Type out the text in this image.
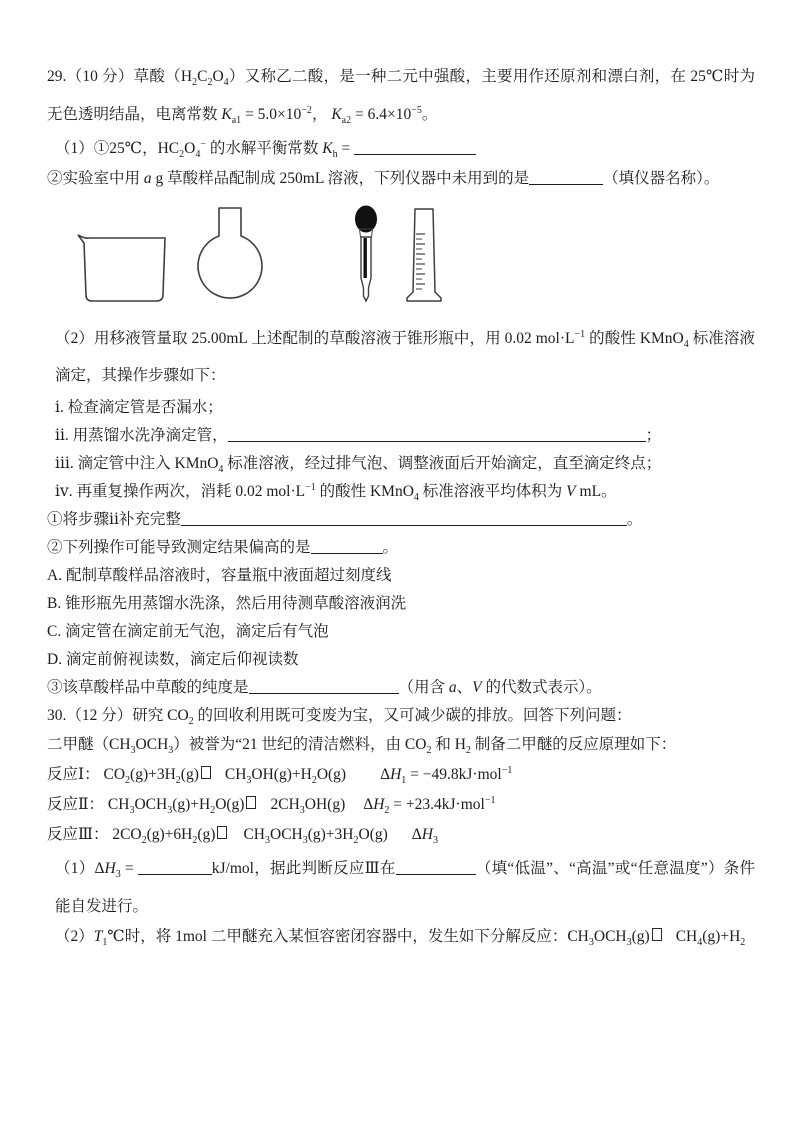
29.（10 分）草酸$(H_2C_2O_4)$又称乙二酸，是一种二元中强酸，主要用作还原剂和漂白剂，在 25℃时为无色透明结晶，电离常数 $K_{a1} = 5.0\times 10^{-2}$， $K_{a2} = 6.4\times 10^{-5}$。

（1）①25℃，$HC_2O_4^-$ 的水解平衡常数 $K_h$ =

②实验室中用 a g 草酸样品配制成 250mL 溶液，下列仪器中未用到的是	（填仪器名称）。

（2）用移液管量取 25.00mL 上述配制的草酸溶液于锥形瓶中，用 0.02 $mol\cdot L^{-1}$ 的酸性 KMnO$_4$ 标准溶液滴定，其操作步骤如下：

ⅰ. 检查滴定管是否漏水；

ⅱ. 用蒸馏水洗净滴定管，	；

ⅲ. 滴定管中注入 KMnO$_4$ 标准溶液，经过排气泡、调整液面后开始滴定，直至滴定终点；

ⅳ. 再重复操作两次，消耗 0.02 $mol\cdot L^{-1}$ 的酸性 KMnO$_4$ 标准溶液平均体积为 V mL。

①将步骤ⅱ补充完整	。

②下列操作可能导致测定结果偏高的是	。

A. 配制草酸样品溶液时，容量瓶中液面超过刻度线

B. 锥形瓶先用蒸馏水洗涤，然后用待测草酸溶液润洗

C. 滴定管在滴定前无气泡，滴定后有气泡

D. 滴定前俯视读数，滴定后仰视读数

③该草酸样品中草酸的纯度是	（用含 a、V 的代数式表示）。

30.（12 分）研究 $CO_2$ 的回收利用既可变废为宝，又可减少碳的排放。回答下列问题：

二甲醚$(CH_3OCH_3)$被誉为“21 世纪的清洁燃料，由 $CO_2$ 和 $H_2$ 制备二甲醚的反应原理如下：

反应Ⅰ： $CO_2(g)+3H_2(g)$ $CH_3OH(g)+H_2O(g) \Delta H_1 = -49.8kJ\cdot mol^{-1}$

反应Ⅱ： $CH_3OCH_3(g)+H_2O(g)$ $2CH_3OH(g) \Delta H_2 = +23.4kJ\cdot mol^{-1}$

反应Ⅲ： $2CO_2(g)+6H_2(g)$ $CH_3OCH_3(g)+3H_2O(g)$ $\Delta H_3$

$(1)\Delta H_3$ =	kJ/mol，据此判断反应Ⅲ在	（填“低温”、“高温”或“任意温度”）条件能自发进行。

$(2)T_1℃$时，将 1mol 二甲醚充入某恒容密闭容器中，发生如下分解反应：$CH_3OCH_3(g)$ $CH_4(g)+H_2$
